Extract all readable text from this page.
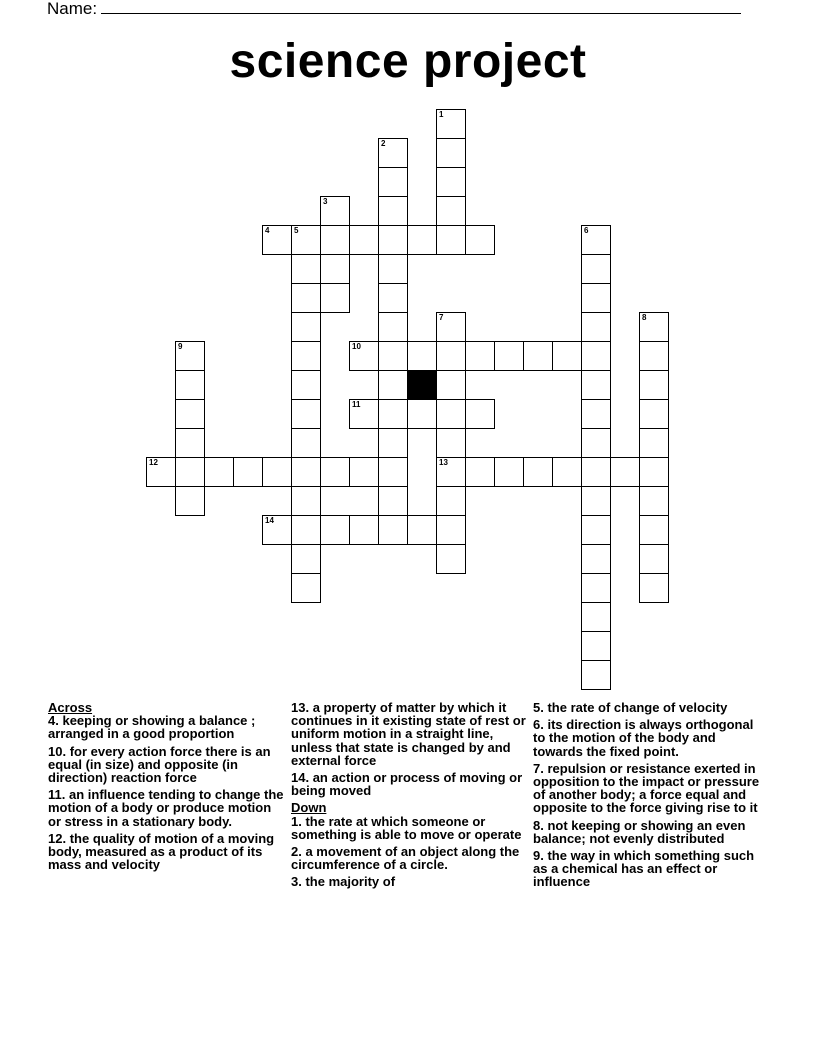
Name:
science project
1
2
3
4	5	6
7
13
8
9	10
11
12
14
Across
4. keeping or showing a balance ; arranged in a good proportion
10. for every action force there is an equal (in size) and opposite (in direction) reaction force
11. an influence tending to change the motion of a body or produce motion or stress in a stationary body.
12. the quality of motion of a moving body, measured as a product of its mass and velocity
13. a property of matter by which it continues in it existing state of rest or uniform motion in a straight line, unless that state is changed by and external force
14. an action or process of moving or being moved
Down
1. the rate at which someone or something is able to move or operate
2. a movement of an object along the circumference of a circle.
3. the majority of
5. the rate of change of velocity
6. its direction is always orthogonal to the motion of the body and towards the fixed point.
7. repulsion or resistance exerted in opposition to the impact or pressure of another body; a force equal and opposite to the force giving rise to it
8. not keeping or showing an even balance; not evenly distributed
9. the way in which something such as a chemical has an effect or influence
